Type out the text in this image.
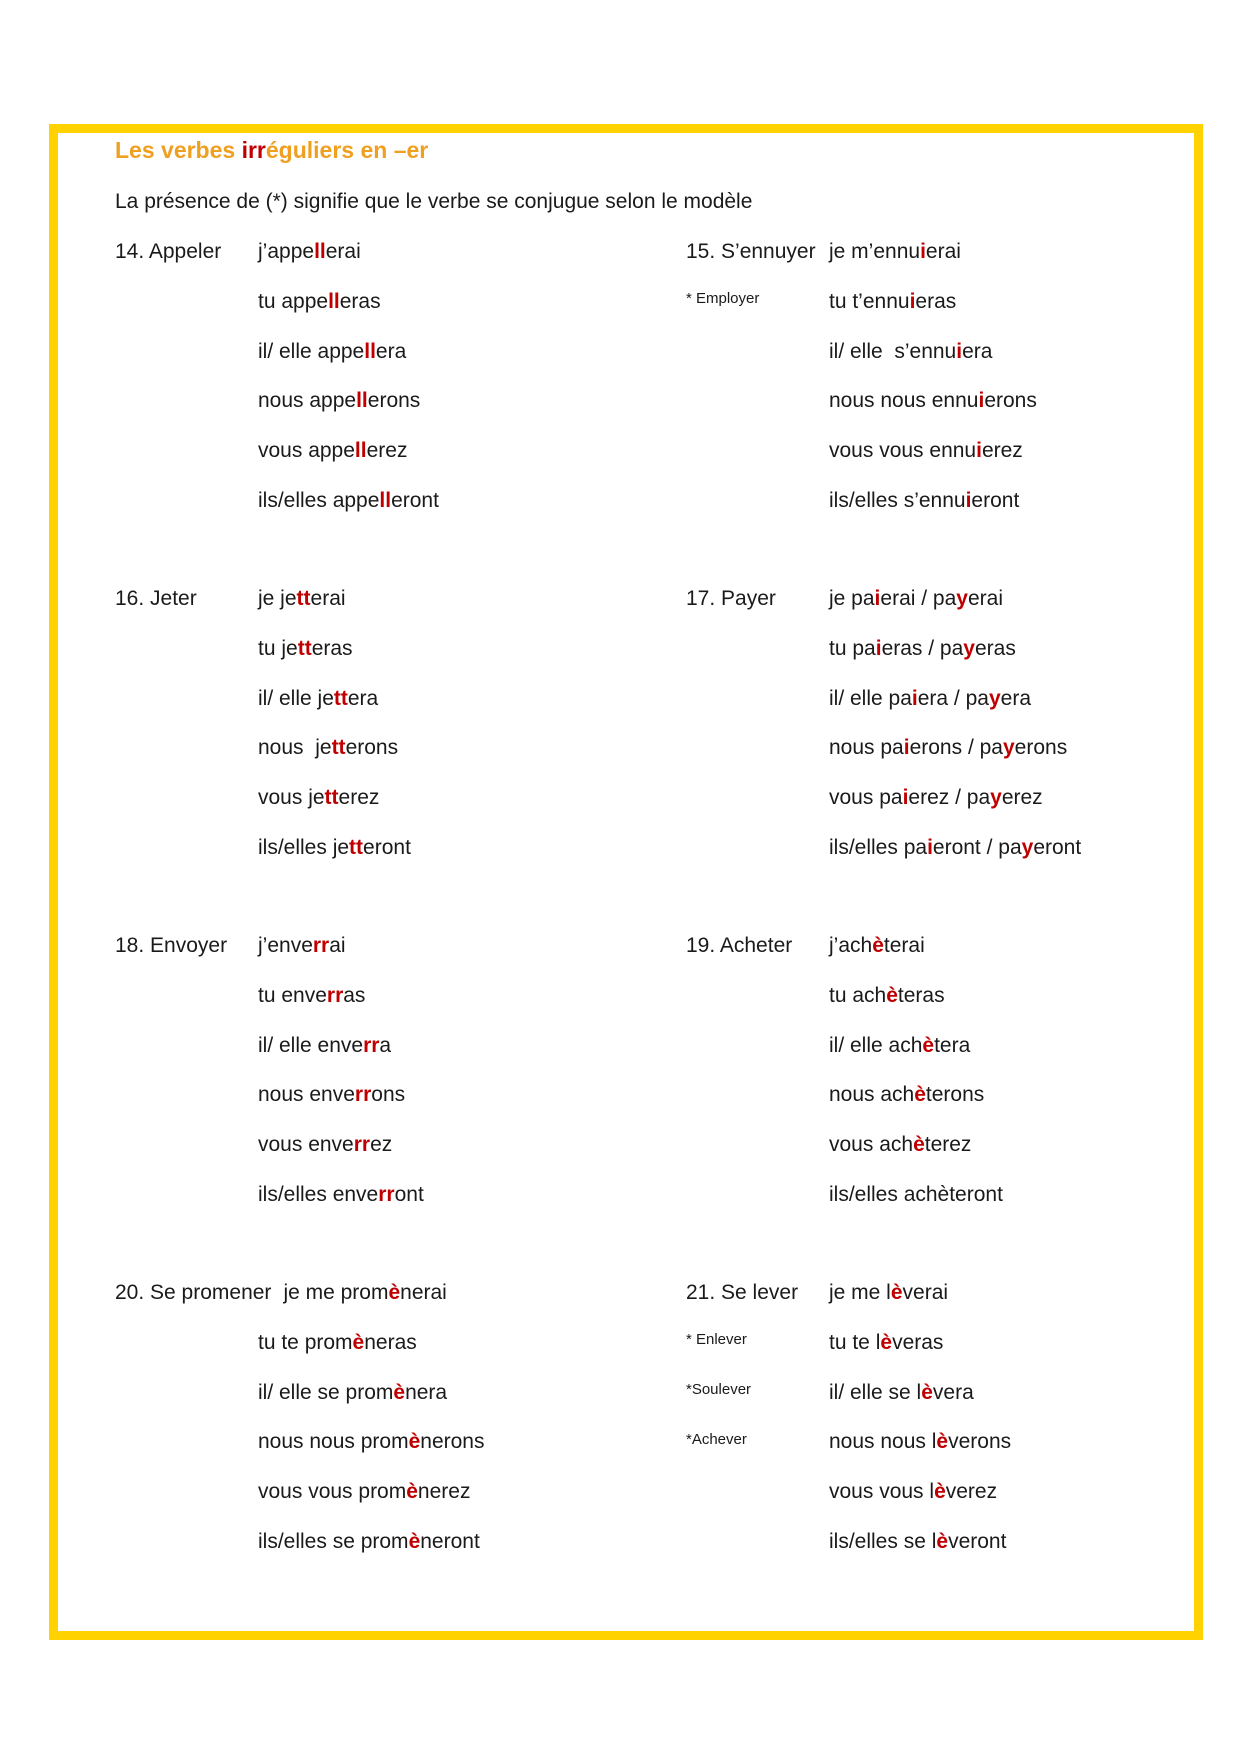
Les verbes irréguliers en –er

La présence de (*) signifie que le verbe se conjugue selon le modèle

14. Appeler j’appellerai
tu appelleras
il/ elle appellera
nous appellerons
vous appellerez
ils/elles appelleront
15. S’ennuyer
* Employer
je m’ennuierai
tu t’ennuieras
il/ elle  s’ennuiera
nous nous ennuierons
vous vous ennuierez
ils/elles s’ennuieront
16. Jeter	je jetterai
tu jetteras
il/ elle jettera
nous  jetterons
vous jetterez
ils/elles jetteront
17. Payer	je paierai / payerai
tu paieras / payeras
il/ elle paiera / payera
nous paierons / payerons
vous paierez / payerez
ils/elles paieront / payeront
18. Envoyer j’enverrai
tu enverras
il/ elle enverra
nous enverrons
vous enverrez
ils/elles enverront
19. Acheter j’achèterai
tu achèteras
il/ elle achètera
nous achèterons
vous achèterez
ils/elles achèteront
20. Se promener je me promènerai
tu te promèneras
il/ elle se promènera
nous nous promènerons
vous vous promènerez
ils/elles se promèneront
21. Se lever
* Enlever
*Soulever
*Achever
je me lèverai
tu te lèveras
il/ elle se lèvera
nous nous lèverons
vous vous lèverez
ils/elles se lèveront
